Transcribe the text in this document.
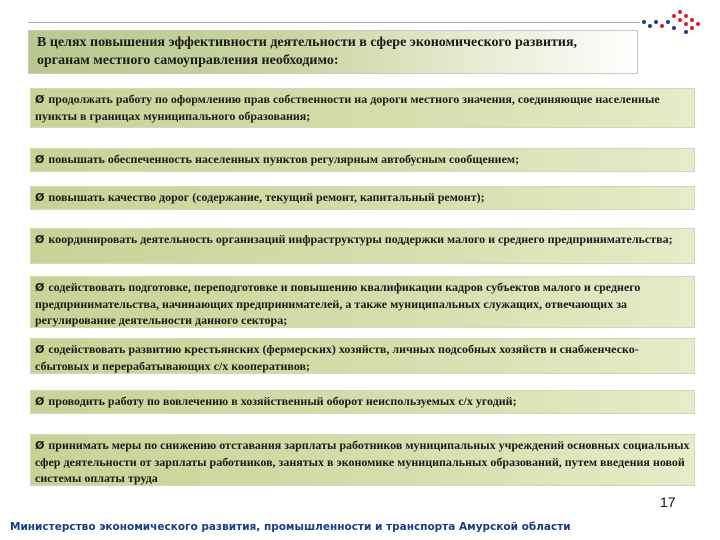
В целях повышения эффективности деятельности в сфере экономического развития, органам местного самоуправления необходимо:
Ø продолжать работу по оформлению прав собственности на дороги местного значения, соединяющие населенные пункты в границах муниципального образования;
Ø повышать обеспеченность населенных пунктов регулярным автобусным сообщением;
Ø повышать качество дорог (содержание, текущий ремонт, капитальный ремонт);
Ø координировать деятельность организаций инфраструктуры поддержки малого и среднего предпринимательства;
Ø содействовать подготовке, переподготовке и повышению квалификации кадров субъектов малого и среднего предпринимательства, начинающих предпринимателей, а также муниципальных служащих, отвечающих за регулирование деятельности данного сектора;
Ø содействовать развитию крестьянских (фермерских) хозяйств, личных подсобных хозяйств и снабженческо-сбытовых и перерабатывающих с/х кооперативов;
Ø проводить работу по вовлечению в хозяйственный оборот неиспользуемых с/х угодий;
Ø принимать меры по снижению отставания зарплаты работников муниципальных учреждений основных социальных сфер деятельности от зарплаты работников, занятых в экономике муниципальных образований, путем введения новой системы оплаты труда
17
Министерство экономического развития, промышленности и транспорта Амурской области
